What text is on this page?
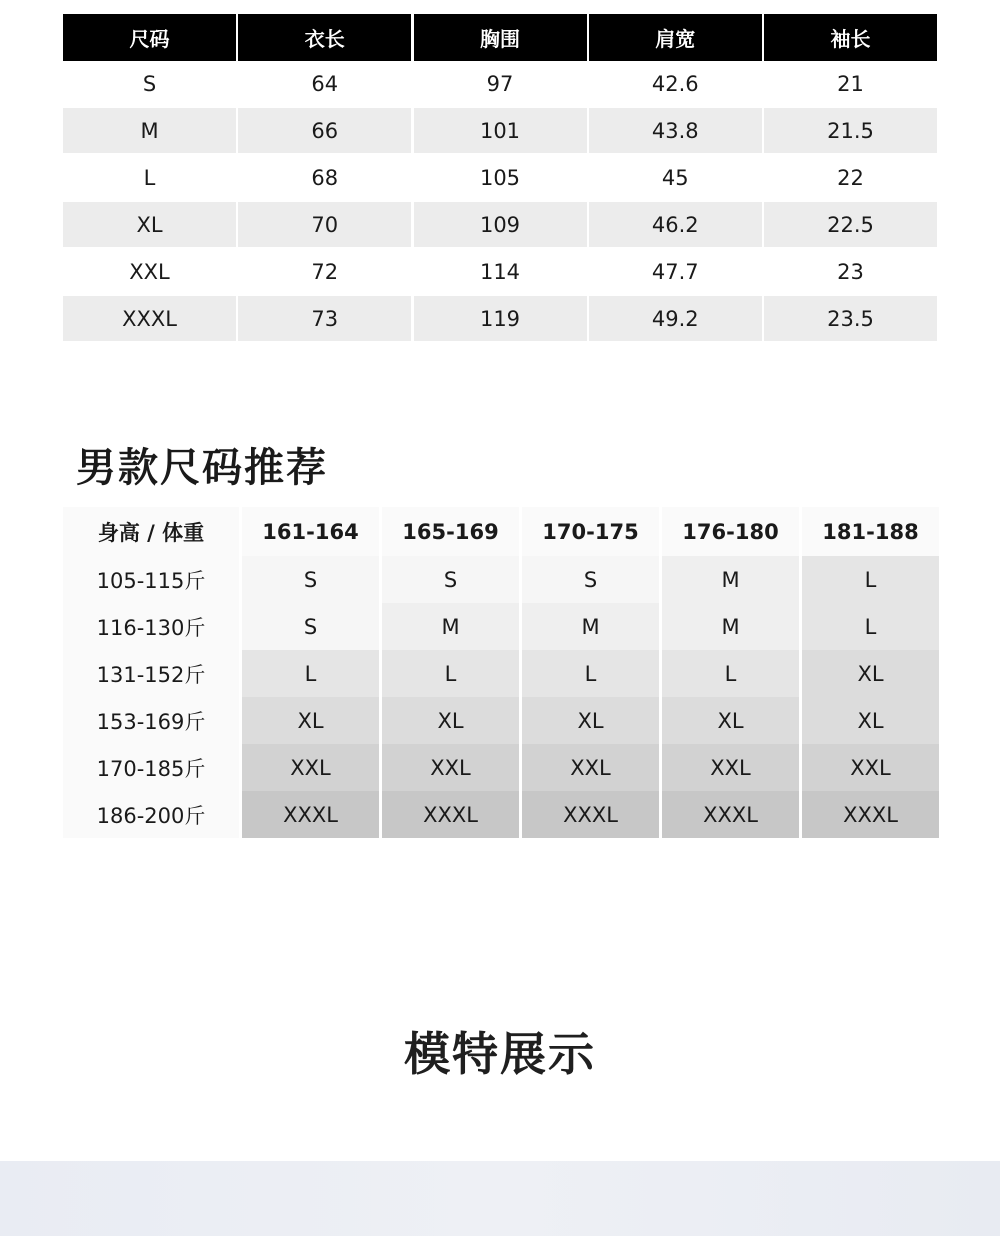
尺码	衣长	胸围	肩宽	袖长
S	64	97	42.6	21
M	66	101	43.8	21.5
L	68	105	45	22
XL	70	109	46.2	22.5
XXL	72	114	47.7	23
XXXL	73	119	49.2	23.5
男款尺码推荐
身高 / 体重	161-164	165-169	170-175	176-180	181-188
105-115斤	S	S	S	M	L
116-130斤	S	M	M	M	L
131-152斤	L	L	L	L	XL
153-169斤	XL	XL	XL	XL	XL
170-185斤	XXL	XXL	XXL	XXL	XXL
186-200斤	XXXL	XXXL	XXXL	XXXL	XXXL
模特展示
